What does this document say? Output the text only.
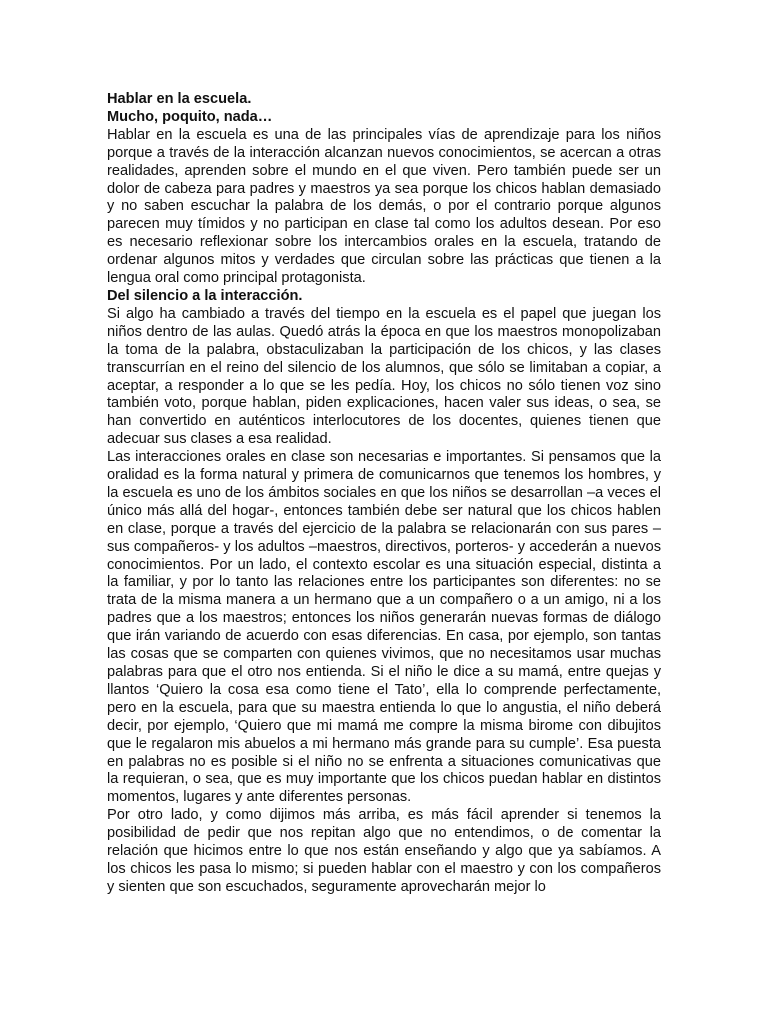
Hablar en la escuela.
Mucho, poquito, nada…

Hablar en la escuela es una de las principales vías de aprendizaje para los niños porque a través de la interacción alcanzan nuevos conocimientos, se acercan a otras realidades, aprenden sobre el mundo en el que viven. Pero también puede ser un dolor de cabeza para padres y maestros ya sea porque los chicos hablan demasiado y no saben escuchar la palabra de los demás, o por el contrario porque algunos parecen muy tímidos y no participan en clase tal como los adultos desean. Por eso es necesario reflexionar sobre los intercambios orales en la escuela, tratando de ordenar algunos mitos y verdades que circulan sobre las prácticas que tienen a la lengua oral como principal protagonista.

Del silencio a la interacción.

Si algo ha cambiado a través del tiempo en la escuela es el papel que juegan los niños dentro de las aulas. Quedó atrás la época en que los maestros monopolizaban la toma de la palabra, obstaculizaban la participación de los chicos, y las clases transcurrían en el reino del silencio de los alumnos, que sólo se limitaban a copiar, a aceptar, a responder a lo que se les pedía. Hoy, los chicos no sólo tienen voz sino también voto, porque hablan, piden explicaciones, hacen valer sus ideas, o sea, se han convertido en auténticos interlocutores de los docentes, quienes tienen que adecuar sus clases a esa realidad.

Las interacciones orales en clase son necesarias e importantes. Si pensamos que la oralidad es la forma natural y primera de comunicarnos que tenemos los hombres, y la escuela es uno de los ámbitos sociales en que los niños se desarrollan –a veces el único más allá del hogar-, entonces también debe ser natural que los chicos hablen en clase, porque a través del ejercicio de la palabra se relacionarán con sus pares –sus compañeros- y los adultos –maestros, directivos, porteros- y accederán a nuevos conocimientos. Por un lado, el contexto escolar es una situación especial, distinta a la familiar, y por lo tanto las relaciones entre los participantes son diferentes: no se trata de la misma manera a un hermano que a un compañero o a un amigo, ni a los padres que a los maestros; entonces los niños generarán nuevas formas de diálogo que irán variando de acuerdo con esas diferencias. En casa, por ejemplo, son tantas las cosas que se comparten con quienes vivimos, que no necesitamos usar muchas palabras para que el otro nos entienda. Si el niño le dice a su mamá, entre quejas y llantos ‘Quiero la cosa esa como tiene el Tato’, ella lo comprende perfectamente, pero en la escuela, para que su maestra entienda lo que lo angustia, el niño deberá decir, por ejemplo, ‘Quiero que mi mamá me compre la misma birome con dibujitos que le regalaron mis abuelos a mi hermano más grande para su cumple’. Esa puesta en palabras no es posible si el niño no se enfrenta a situaciones comunicativas que la requieran, o sea, que es muy importante que los chicos puedan hablar en distintos momentos, lugares y ante diferentes personas.

Por otro lado, y como dijimos más arriba, es más fácil aprender si tenemos la posibilidad de pedir que nos repitan algo que no entendimos, o de comentar la relación que hicimos entre lo que nos están enseñando y algo que ya sabíamos. A los chicos les pasa lo mismo; si pueden hablar con el maestro y con los compañeros y sienten que son escuchados, seguramente aprovecharán mejor lo
